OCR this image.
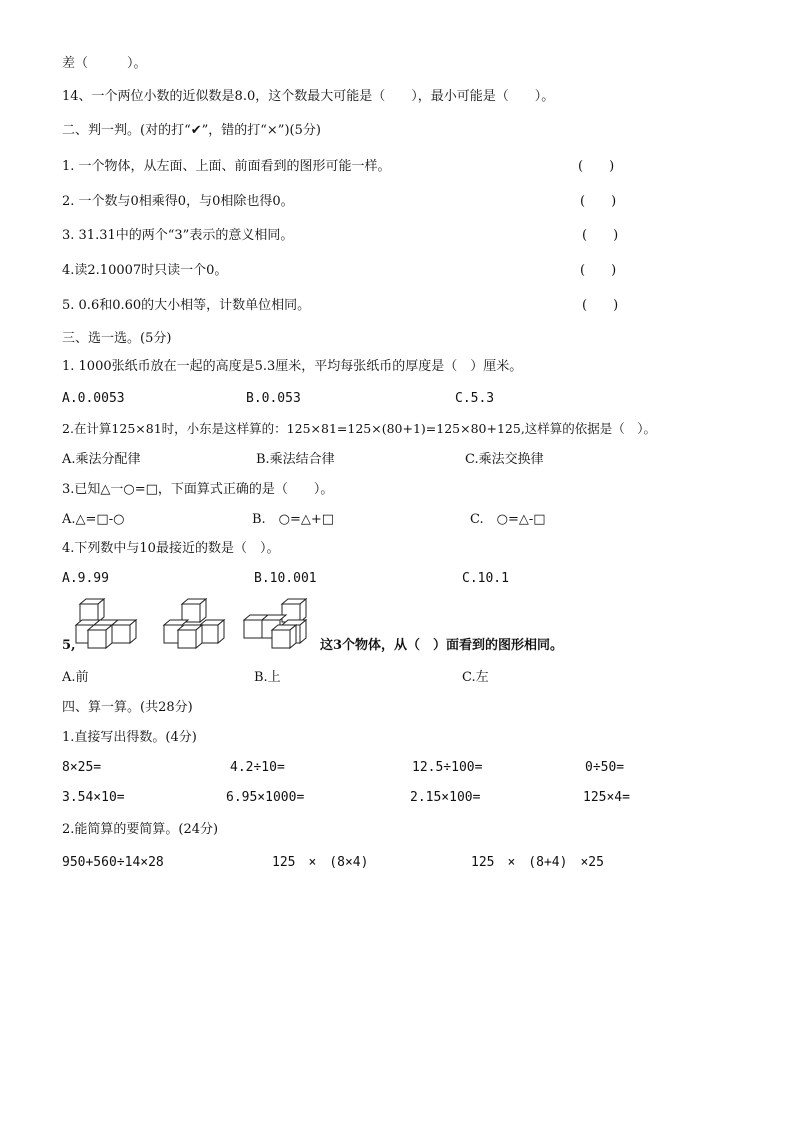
差（　　　）。
14、一个两位小数的近似数是8.0，这个数最大可能是（　　），最小可能是（　　）。
二、判一判。(对的打“✔”，错的打“×”)(5分)
1. 一个物体，从左面、上面、前面看到的图形可能一样。	(　　)
2. 一个数与0相乘得0，与0相除也得0。	(　　)
3. 31.31中的两个“3”表示的意义相同。	(　　)
4.读2.10007时只读一个0。	(　　)
5. 0.6和0.60的大小相等，计数单位相同。	(　　)
三、选一选。(5分)
1. 1000张纸币放在一起的高度是5.3厘米，平均每张纸币的厚度是（　）厘米。
A.0.0053	B.0.053	C.5.3
2.在计算125×81时，小东是这样算的：125×81=125×(80+1)=125×80+125,这样算的依据是（　）。
A.乘法分配律	B.乘法结合律	C.乘法交换律
3.已知△一○=□，下面算式正确的是（　　）。
A.△=□-○	B.　○=△+□	C.　○=△-□
4.下列数中与10最接近的数是（　）。
A.9.99	B.10.001	C.10.1
5,	这3个物体，从（　）面看到的图形相同。
A.前	B.上	C.左
四、算一算。(共28分)
1.直接写出得数。(4分)
8×25=	4.2÷10=	12.5÷100=	0÷50=
3.54×10=	6.95×1000=	2.15×100=	125×4=
2.能简算的要简算。(24分)
950+560÷14×28	125　×　(8×4)	125　×　(8+4)　×25
